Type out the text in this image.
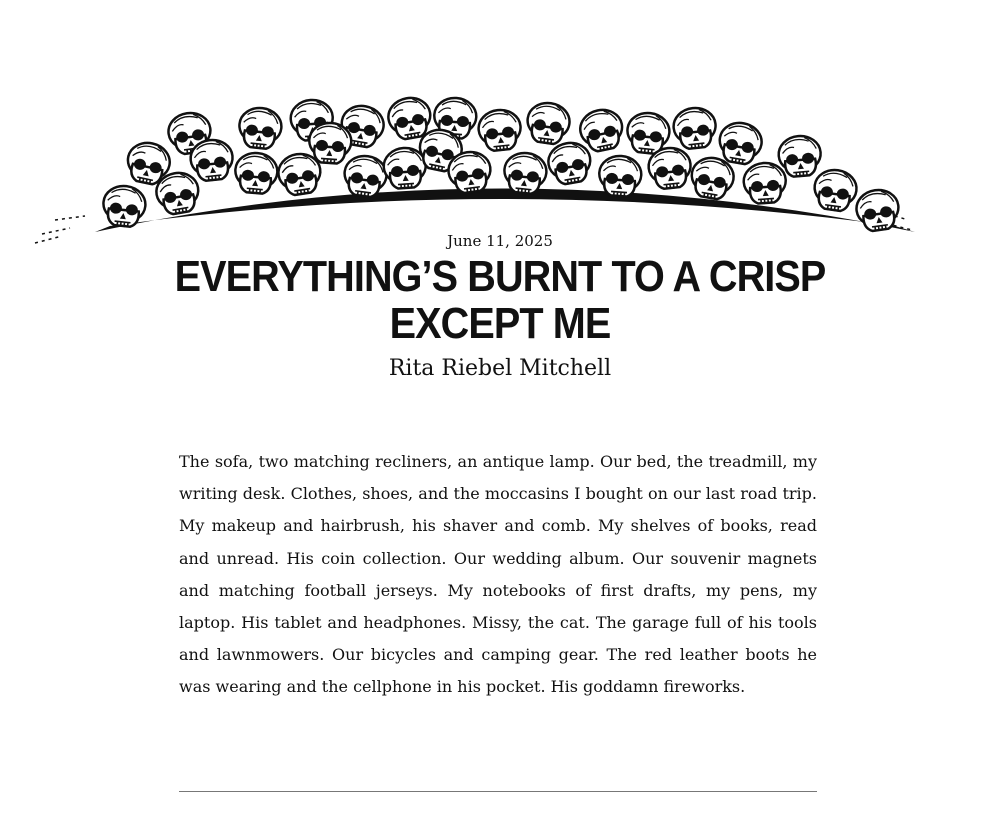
June 11, 2025
EVERYTHING’S BURNT TO A CRISP
EXCEPT ME
Rita Riebel Mitchell

The sofa, two matching recliners, an antique lamp. Our bed, the treadmill, my writing desk. Clothes, shoes, and the moccasins I bought on our last road trip. My makeup and hairbrush, his shaver and comb. My shelves of books, read and unread. His coin collection. Our wedding album. Our souvenir magnets and matching football jerseys. My notebooks of first drafts, my pens, my laptop. His tablet and headphones. Missy, the cat. The garage full of his tools and lawnmowers. Our bicycles and camping gear. The red leather boots he was wearing and the cellphone in his pocket. His goddamn fireworks.
